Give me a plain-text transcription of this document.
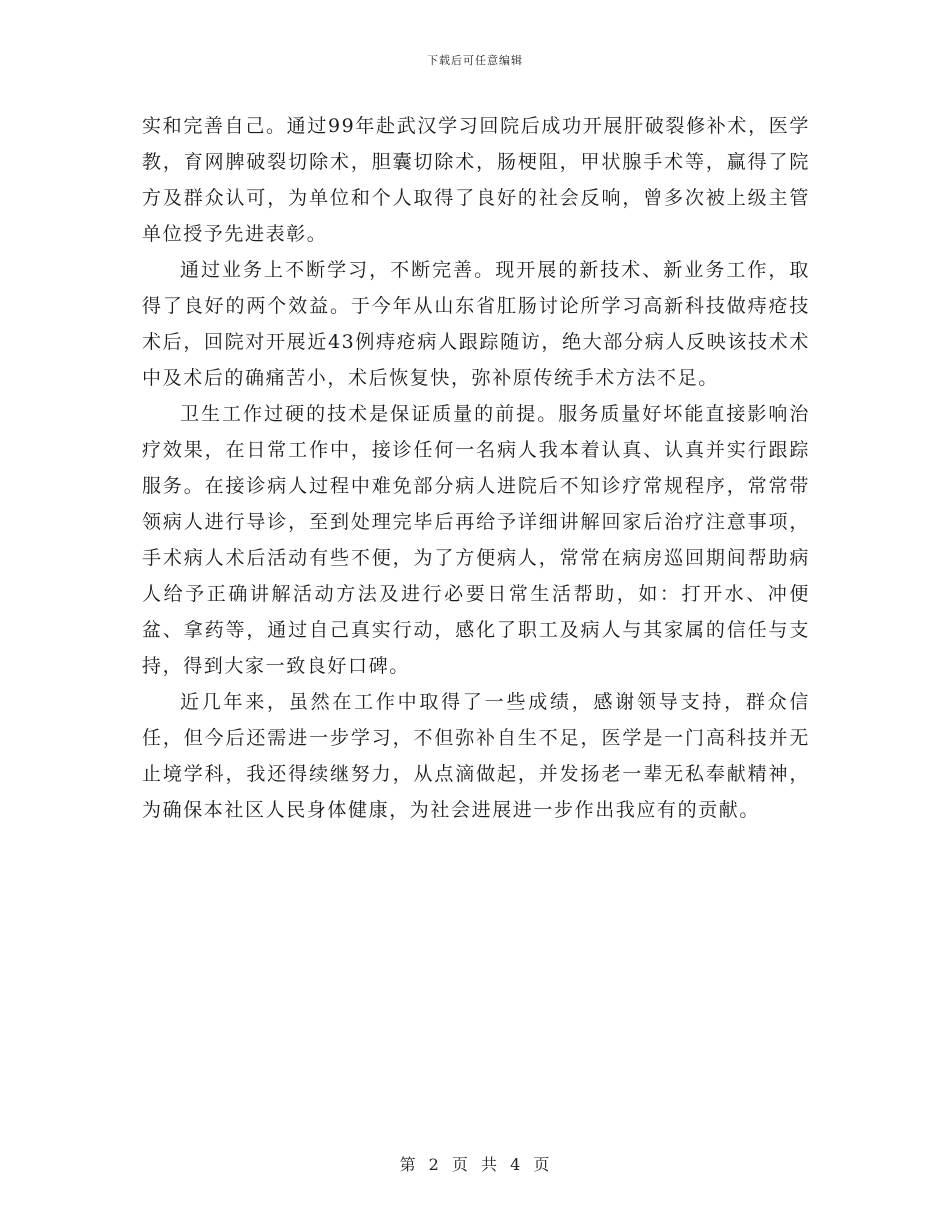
下载后可任意编辑

实和完善自己。通过99年赴武汉学习回院后成功开展肝破裂修补术，医学教，育网脾破裂切除术，胆囊切除术，肠梗阻，甲状腺手术等，赢得了院方及群众认可，为单位和个人取得了良好的社会反响，曾多次被上级主管单位授予先进表彰。

通过业务上不断学习，不断完善。现开展的新技术、新业务工作，取得了良好的两个效益。于今年从山东省肛肠讨论所学习高新科技做痔疮技术后，回院对开展近43例痔疮病人跟踪随访，绝大部分病人反映该技术术中及术后的确痛苦小，术后恢复快，弥补原传统手术方法不足。

卫生工作过硬的技术是保证质量的前提。服务质量好坏能直接影响治疗效果，在日常工作中，接诊任何一名病人我本着认真、认真并实行跟踪服务。在接诊病人过程中难免部分病人进院后不知诊疗常规程序，常常带领病人进行导诊，至到处理完毕后再给予详细讲解回家后治疗注意事项，手术病人术后活动有些不便，为了方便病人，常常在病房巡回期间帮助病人给予正确讲解活动方法及进行必要日常生活帮助，如：打开水、冲便盆、拿药等，通过自己真实行动，感化了职工及病人与其家属的信任与支持，得到大家一致良好口碑。

近几年来，虽然在工作中取得了一些成绩，感谢领导支持，群众信任，但今后还需进一步学习，不但弥补自生不足，医学是一门高科技并无止境学科，我还得续继努力，从点滴做起，并发扬老一辈无私奉献精神，为确保本社区人民身体健康，为社会进展进一步作出我应有的贡献。

第 2 页 共 4 页
